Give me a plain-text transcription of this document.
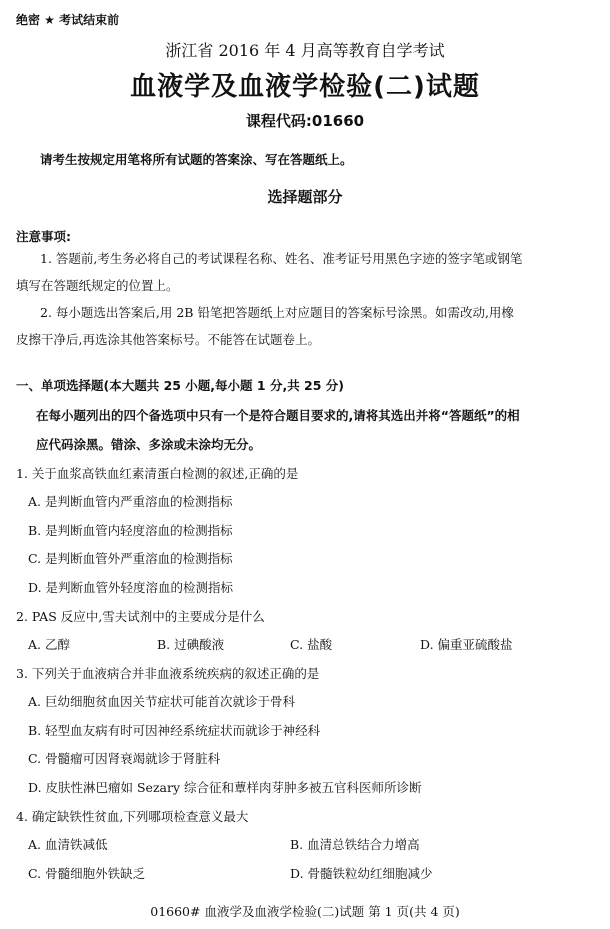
绝密 ★ 考试结束前
浙江省 2016 年 4 月高等教育自学考试
血液学及血液学检验(二)试题
课程代码:01660
请考生按规定用笔将所有试题的答案涂、写在答题纸上。
选择题部分
注意事项:
1. 答题前,考生务必将自己的考试课程名称、姓名、准考证号用黑色字迹的签字笔或钢笔
填写在答题纸规定的位置上。
2. 每小题选出答案后,用 2B 铅笔把答题纸上对应题目的答案标号涂黑。如需改动,用橡
皮擦干净后,再选涂其他答案标号。不能答在试题卷上。
一、单项选择题(本大题共 25 小题,每小题 1 分,共 25 分)
在每小题列出的四个备选项中只有一个是符合题目要求的,请将其选出并将“答题纸”的相
应代码涂黑。错涂、多涂或未涂均无分。
1. 关于血浆高铁血红素清蛋白检测的叙述,正确的是
A. 是判断血管内严重溶血的检测指标
B. 是判断血管内轻度溶血的检测指标
C. 是判断血管外严重溶血的检测指标
D. 是判断血管外轻度溶血的检测指标
2. PAS 反应中,雪夫试剂中的主要成分是什么
A. 乙醇	B. 过碘酸液	C. 盐酸	D. 偏重亚硫酸盐
3. 下列关于血液病合并非血液系统疾病的叙述正确的是
A. 巨幼细胞贫血因关节症状可能首次就诊于骨科
B. 轻型血友病有时可因神经系统症状而就诊于神经科
C. 骨髓瘤可因肾衰竭就诊于肾脏科
D. 皮肤性淋巴瘤如 Sezary 综合征和蕈样肉芽肿多被五官科医师所诊断
4. 确定缺铁性贫血,下列哪项检查意义最大
A. 血清铁减低	B. 血清总铁结合力增高
C. 骨髓细胞外铁缺乏	D. 骨髓铁粒幼红细胞减少
01660# 血液学及血液学检验(二)试题 第 1 页(共 4 页)
